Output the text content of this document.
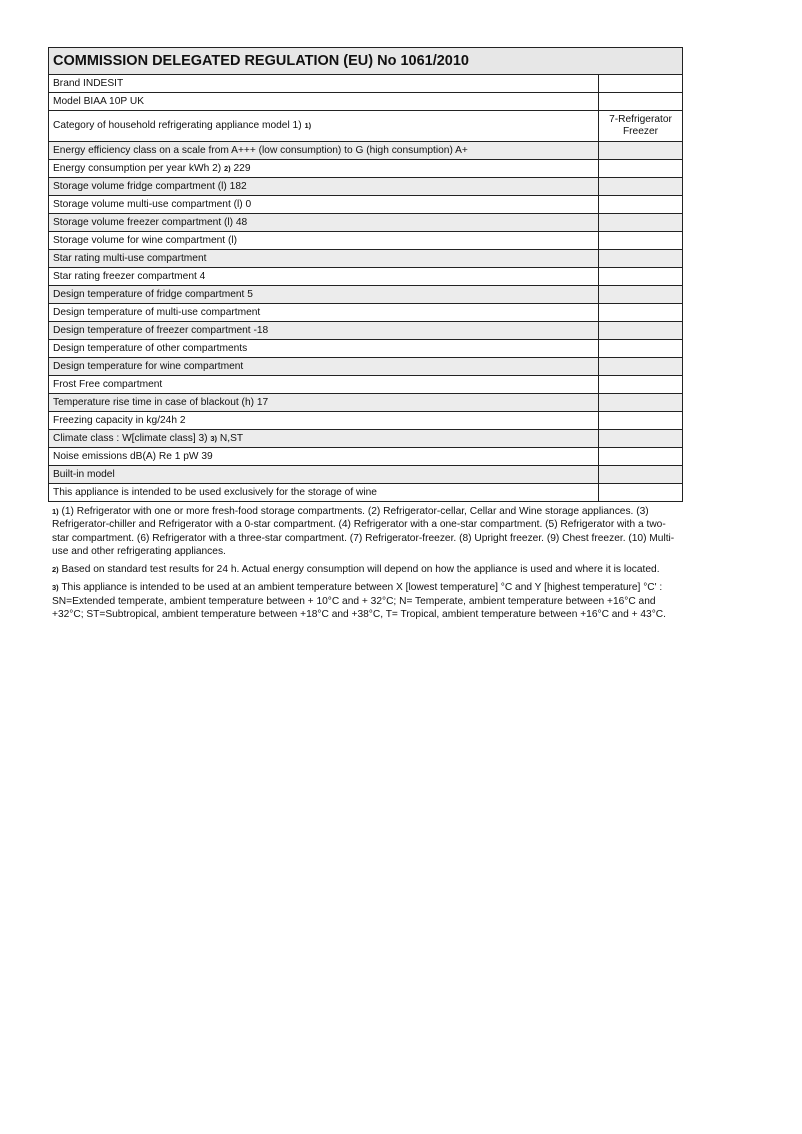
COMMISSION DELEGATED REGULATION (EU) No 1061/2010	
Brand INDESIT	
Model BIAA 10P UK	
Category of household refrigerating appliance model 1) 1)	7-Refrigerator Freezer
Energy efficiency class on a scale from A+++ (low consumption) to G (high consumption) A+	
Energy consumption per year kWh 2) 2) 229	
Storage volume fridge compartment (l) 182	
Storage volume multi-use compartment (l) 0	
Storage volume freezer compartment (l) 48	
Storage volume for wine compartment (l)	
Star rating multi-use compartment	
Star rating freezer compartment 4	
Design temperature of fridge compartment 5	
Design temperature of multi-use compartment	
Design temperature of freezer compartment -18	
Design temperature of other compartments	
Design temperature for wine compartment	
Frost Free compartment	
Temperature rise time in case of blackout (h) 17	
Freezing capacity in kg/24h 2	
Climate class : W[climate class] 3) 3) N,ST	
Noise emissions dB(A) Re 1 pW 39	
Built-in model	
This appliance is intended to be used exclusively for the storage of wine	
1) (1) Refrigerator with one or more fresh-food storage compartments. (2) Refrigerator-cellar, Cellar and Wine storage appliances. (3) Refrigerator-chiller and Refrigerator with a 0-star compartment. (4) Refrigerator with a one-star compartment. (5) Refrigerator with a two-star compartment. (6) Refrigerator with a three-star compartment. (7) Refrigerator-freezer. (8) Upright freezer. (9) Chest freezer. (10) Multi-use and other refrigerating appliances.
2) Based on standard test results for 24 h. Actual energy consumption will depend on how the appliance is used and where it is located.
3) This appliance is intended to be used at an ambient temperature between X [lowest temperature] °C and Y [highest temperature] °C' : SN=Extended temperate, ambient temperature between + 10°C and + 32°C; N= Temperate, ambient temperature between +16°C and +32°C; ST=Subtropical, ambient temperature between +18°C and +38°C, T= Tropical, ambient temperature between +16°C and + 43°C.
